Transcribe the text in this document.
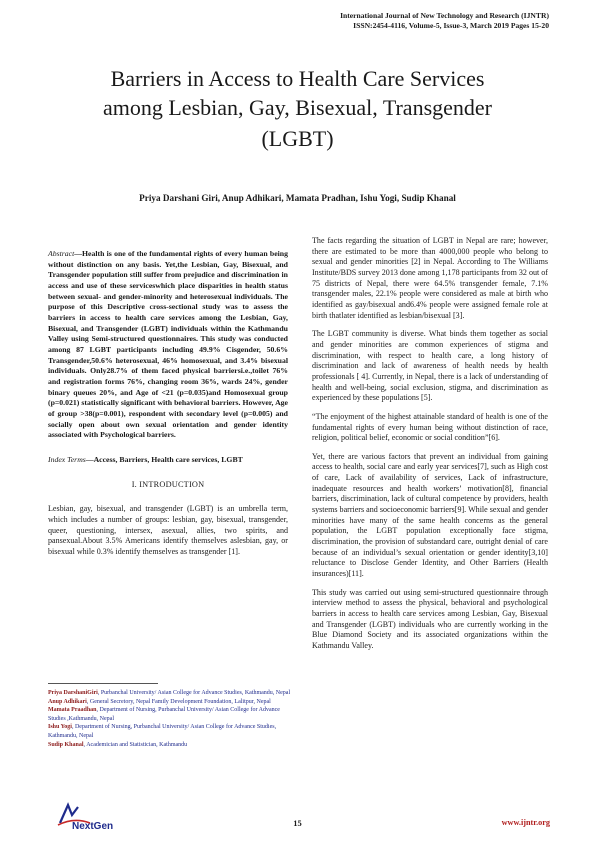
International Journal of New Technology and Research (IJNTR)
ISSN:2454-4116, Volume-5, Issue-3, March 2019 Pages 15-20
Barriers in Access to Health Care Services
among Lesbian, Gay, Bisexual, Transgender
(LGBT)
Priya Darshani Giri, Anup Adhikari, Mamata Pradhan, Ishu Yogi, Sudip Khanal

Abstract—Health is one of the fundamental rights of every human being without distinction on any basis. Yet,the Lesbian, Gay, Bisexual, and Transgender population still suffer from prejudice and discrimination in access and use of these serviceswhich place disparities in health status between sexual- and gender-minority and heterosexual individuals. The purpose of this Descriptive cross-sectional study was to assess the barriers in access to health care services among the Lesbian, Gay, Bisexual, and Transgender (LGBT) individuals within the Kathmandu Valley using Semi-structured questionnaires. This study was conducted among 87 LGBT participants including 49.9% Cisgender, 50.6% Transgender,50.6% heterosexual, 46% homosexual, and 3.4% bisexual individuals. Only28.7% of them faced physical barriersi.e.,toilet 76% and registration forms 76%, changing room 36%, wards 24%, gender binary queues 20%, and Age of <21 (p=0.035)and Homosexual group (p=0.021) statistically significant with behavioral barriers. However, Age of group >38(p=0.001), respondent with secondary level (p=0.005) and socially open about own sexual orientation and gender identity associated with Psychological barriers.

Index Terms—Access, Barriers, Health care services, LGBT

I. INTRODUCTION

Lesbian, gay, bisexual, and transgender (LGBT) is an umbrella term, which includes a number of groups: lesbian, gay, bisexual, transgender, queer, questioning, intersex, asexual, allies, two spirits, and pansexual.About 3.5% Americans identify themselves aslesbian, gay, or bisexual while 0.3% identify themselves as transgender [1].

Priya DarshaniGiri, Purbanchal University/ Asian College for Advance Studies, Kathmandu, Nepal

Anup Adhikari, General Secretory, Nepal Family Development Foundation, Lalitpur, Nepal

Mamata Praadhan, Department of Nursing, Purbanchal University/ Asian College for Advance Studies ,Kathmandu, Nepal

Ishu Yogi, Department of Nursing, Purbanchal University/ Asian College for Advance Studies, Kathmandu, Nepal

Sudip Khanal, Academician and Statistician, Kathmandu

The facts regarding the situation of LGBT in Nepal are rare; however, there are estimated to be more than 4000,000 people who belong to sexual and gender minorities [2] in Nepal. According to The Williams Institute/BDS survey 2013 done among 1,178 participants from 32 out of 75 districts of Nepal, there were 64.5% transgender female, 7.1% transgender males, 22.1% people were considered as male at birth who identified as gay/bisexual and6.4% people were assigned female role at birth thatlater identified as lesbian/bisexual [3].

The LGBT community is diverse. What binds them together as social and gender minorities are common experiences of stigma and discrimination, with respect to health care, a long history of discrimination and lack of awareness of health needs by health professionals [ 4]. Currently, in Nepal, there is a lack of understanding of health and well-being, social exclusion, stigma, and discrimination as experienced by these populations [5].

“The enjoyment of the highest attainable standard of health is one of the fundamental rights of every human being without distinction of race, religion, political belief, economic or social condition”[6].

Yet, there are various factors that prevent an individual from gaining access to health, social care and early year services[7], such as High cost of care, Lack of availability of services, Lack of infrastructure, inadequate resources and health workers’ motivation[8], financial barriers, discrimination, lack of cultural competence by providers, health systems barriers and socioeconomic barriers[9]. While sexual and gender minorities have many of the same health concerns as the general population, the LGBT population exceptionally face stigma, discrimination, the provision of substandard care, outright denial of care because of an individual’s sexual orientation or gender identity[3,10] reluctance to Disclose Gender Identity, and Other Barriers (Health insurances)[11].

This study was carried out using semi-structured questionnaire through interview method to assess the physical, behavioral and psychological barriers in access to health care services among Lesbian, Gay, Bisexual and Transgender (LGBT) individuals who are currently working in the Blue Diamond Society and its associated organizations within the Kathmandu Valley.

NextGen	15	www.ijntr.org
